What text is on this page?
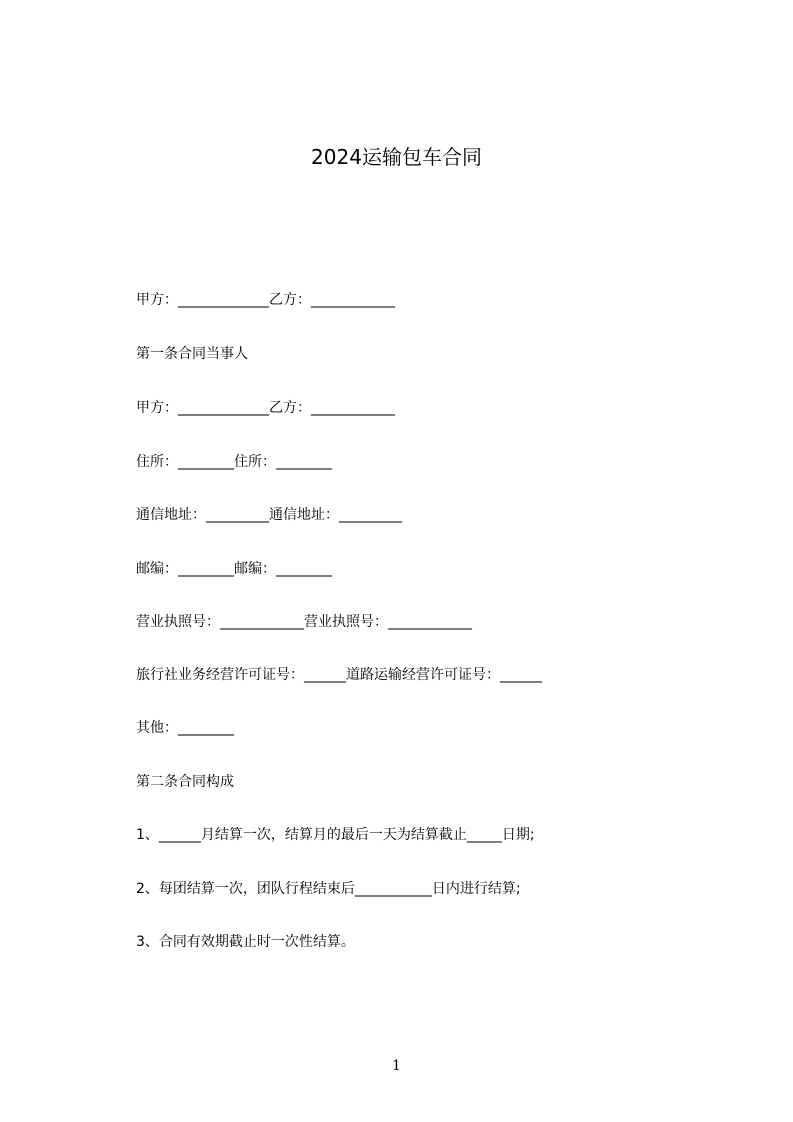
2024运输包车合同
甲方：_____________乙方：____________
第一条合同当事人
甲方：_____________乙方：____________
住所：________住所：________
通信地址：_________通信地址：_________
邮编：________邮编：________
营业执照号：____________营业执照号：____________
旅行社业务经营许可证号：______道路运输经营许可证号：______
其他：________
第二条合同构成
1、______月结算一次，结算月的最后一天为结算截止_____日期;
2、每团结算一次，团队行程结束后___________日内进行结算;
3、合同有效期截止时一次性结算。
1
